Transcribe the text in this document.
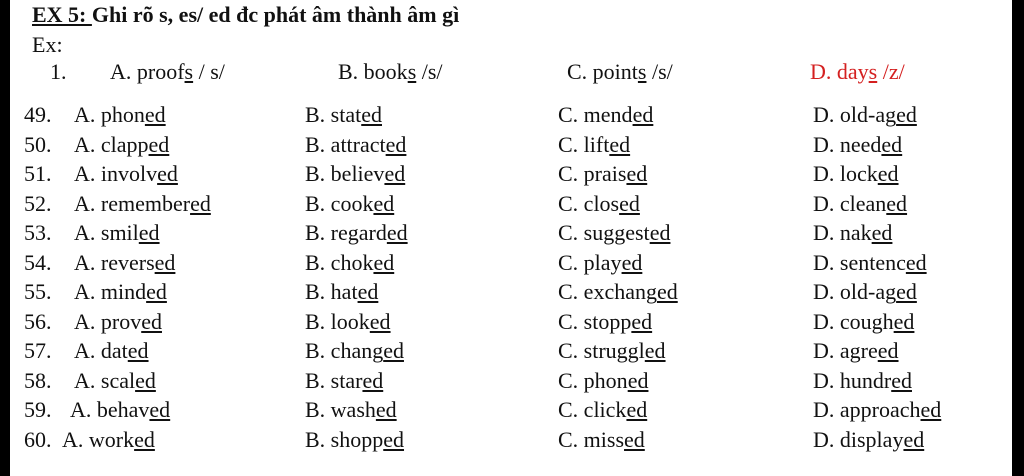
EX 5: Ghi rõ s, es/ ed đc phát âm thành âm gì
Ex:
1. A. proofs / s/	B. books /s/	C. points /s/	D. days /z/
49. A. phoned	B. stated	C. mended	D. old-aged
50. A. clapped	B. attracted	C. lifted	D. needed
51. A. involved	B. believed	C. praised	D. locked
52. A. remembered	B. cooked	C. closed	D. cleaned
53. A. smiled	B. regarded	C. suggested	D. naked
54. A. reversed	B. choked	C. played	D. sentenced
55. A. minded	B. hated	C. exchanged	D. old-aged
56. A. proved	B. looked	C. stopped	D. coughed
57. A. dated	B. changed	C. struggled	D. agreed
58. A. scaled	B. stared	C. phoned	D. hundred
59. A. behaved	B. washed	C. clicked	D. approached
60. A. worked	B. shopped	C. missed	D. displayed
